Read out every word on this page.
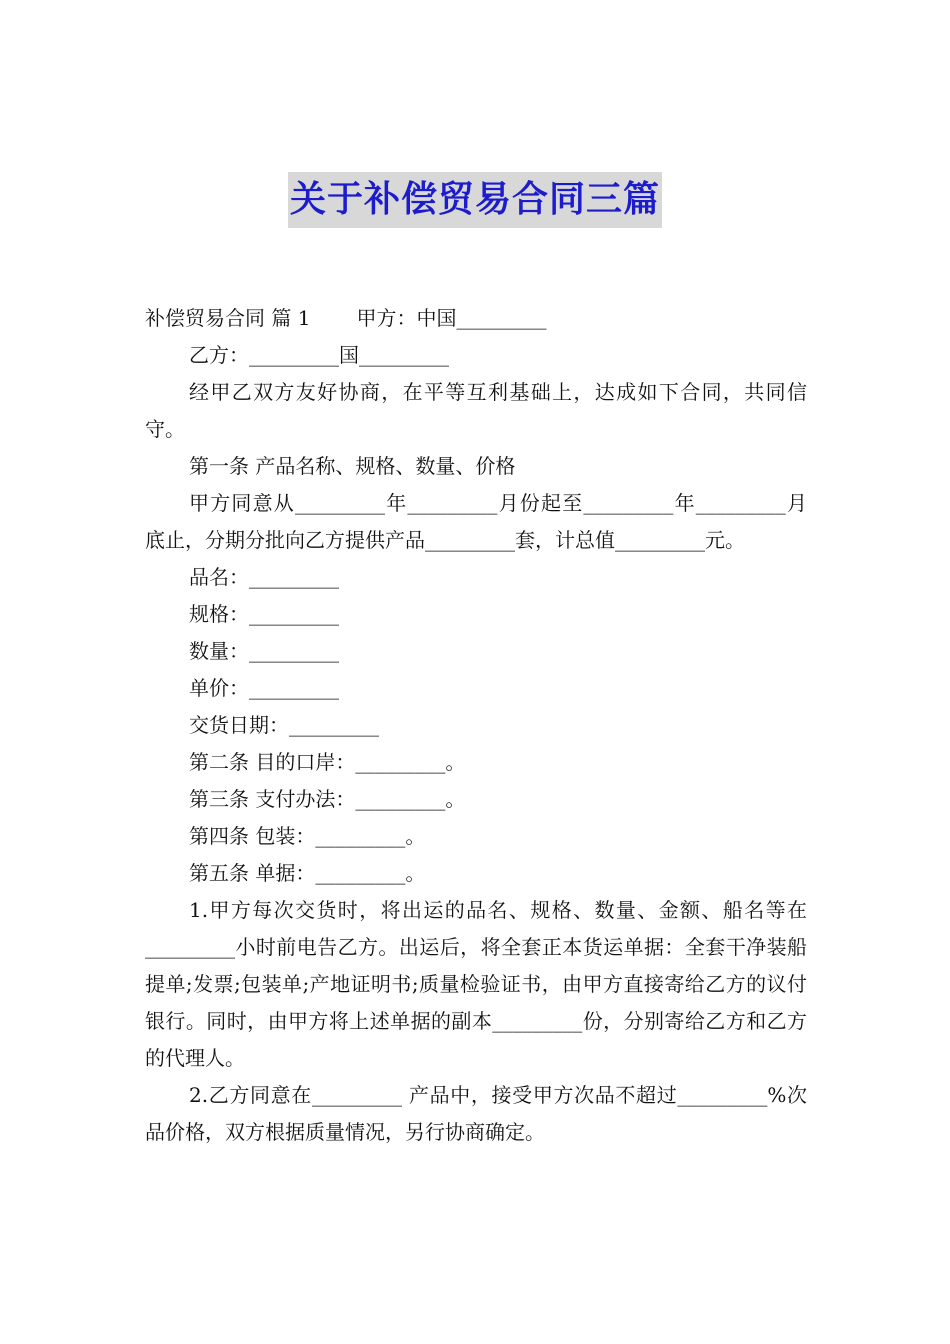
关于补偿贸易合同三篇

补偿贸易合同 篇 1 甲方：中国_________

乙方：_________国_________

经甲乙双方友好协商，在平等互利基础上，达成如下合同，共同信守。

第一条 产品名称、规格、数量、价格

甲方同意从_________年_________月份起至_________年_________月底止，分期分批向乙方提供产品_________套，计总值_________元。

品名：_________

规格：_________

数量：_________

单价：_________

交货日期：_________

第二条 目的口岸：_________。

第三条 支付办法：_________。

第四条 包装：_________。

第五条 单据：_________。

1.甲方每次交货时，将出运的品名、规格、数量、金额、船名等在_________小时前电告乙方。出运后，将全套正本货运单据：全套干净装船提单;发票;包装单;产地证明书;质量检验证书，由甲方直接寄给乙方的议付银行。同时，由甲方将上述单据的副本_________份，分别寄给乙方和乙方的代理人。

2.乙方同意在_________ 产品中，接受甲方次品不超过_________%次品价格，双方根据质量情况，另行协商确定。
